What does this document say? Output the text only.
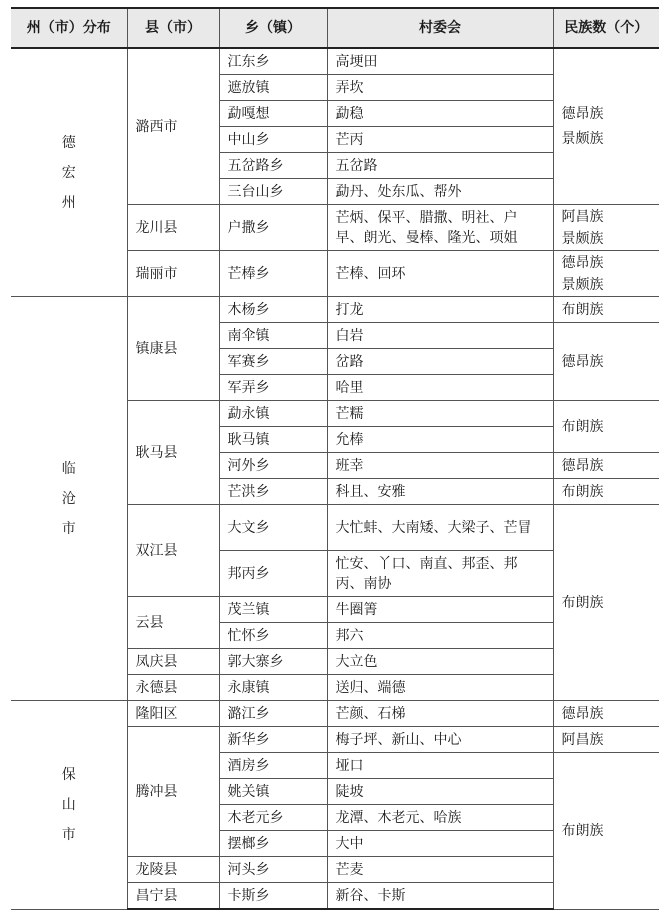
州（市）分布	县（市）	乡（镇）	村委会	民族数（个）
德宏州	潞西市	江东乡	高埂田	德昂族
景颇族
		遮放镇	弄坎	
		勐嘎想	勐稳	
		中山乡	芒丙	
		五岔路乡	五岔路	
		三台山乡	勐丹、处东瓜、帮外	
	龙川县	户撒乡	芒炳、保平、腊撒、明社、户早、朗光、曼棒、隆光、项姐	阿昌族
景颇族
	瑞丽市	芒棒乡	芒棒、回环	德昂族
景颇族
临沧市	镇康县	木杨乡	打龙	布朗族
		南伞镇	白岩	德昂族
		军赛乡	岔路	
		军弄乡	哈里	
	耿马县	勐永镇	芒糯	布朗族
		耿马镇	允棒	
		河外乡	班幸	德昂族
		芒洪乡	科且、安雅	布朗族
	双江县	大文乡	大忙蚌、大南矮、大梁子、芒冒	布朗族
		邦丙乡	忙安、丫口、南直、邦歪、邦丙、南协	
	云县	茂兰镇	牛圈箐	
		忙怀乡	邦六	
	凤庆县	郭大寨乡	大立色	
	永德县	永康镇	送归、端德	
保山市	隆阳区	潞江乡	芒颜、石梯	德昂族
	腾冲县	新华乡	梅子坪、新山、中心	阿昌族
		酒房乡	垭口	布朗族
		姚关镇	陡坡	
		木老元乡	龙潭、木老元、哈族	
		摆榔乡	大中	
	龙陵县	河头乡	芒麦	
	昌宁县	卡斯乡	新谷、卡斯	
